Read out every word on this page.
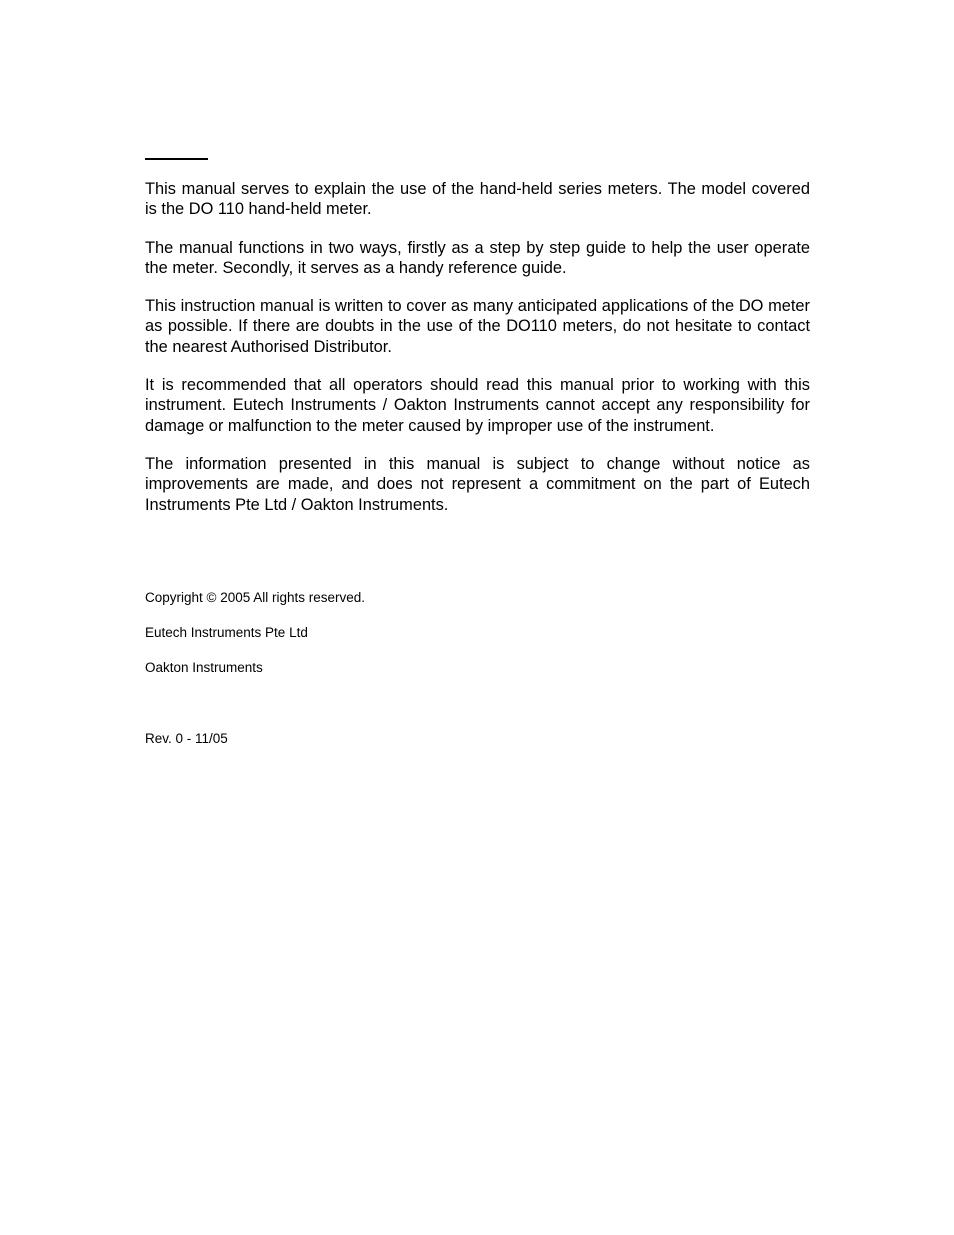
This manual serves to explain the use of the hand-held series meters. The model covered is the DO 110 hand-held meter.

The manual functions in two ways, firstly as a step by step guide to help the user operate the meter. Secondly, it serves as a handy reference guide.

This instruction manual is written to cover as many anticipated applications of the DO meter as possible. If there are doubts in the use of the DO110 meters, do not hesitate to contact the nearest Authorised Distributor.

It is recommended that all operators should read this manual prior to working with this instrument. Eutech Instruments / Oakton Instruments cannot accept any responsibility for damage or malfunction to the meter caused by improper use of the instrument.

The information presented in this manual is subject to change without notice as improvements are made, and does not represent a commitment on the part of Eutech Instruments Pte Ltd / Oakton Instruments.

Copyright © 2005 All rights reserved.

Eutech Instruments Pte Ltd

Oakton Instruments

Rev. 0 - 11/05
